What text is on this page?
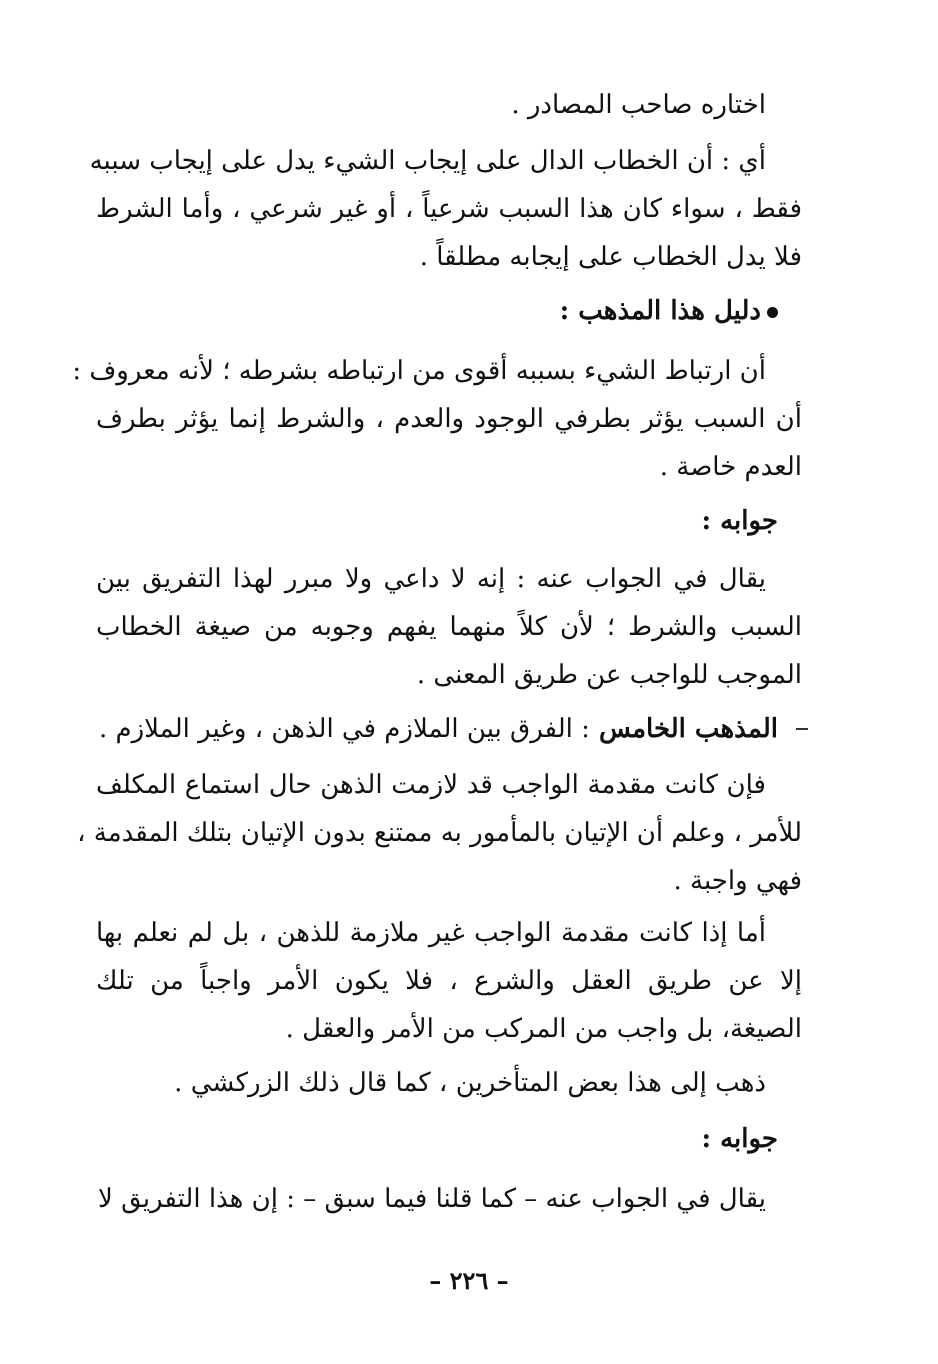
اختاره صاحب المصادر .
أي : أن الخطاب الدال على إيجاب الشيء يدل على إيجاب سببه
فقط ، سواء كان هذا السبب شرعياً ، أو غير شرعي ، وأما الشرط
فلا يدل الخطاب على إيجابه مطلقاً .
دليل هذا المذهب :
أن ارتباط الشيء بسببه أقوى من ارتباطه بشرطه ؛ لأنه معروف :
أن السبب يؤثر بطرفي الوجود والعدم ، والشرط إنما يؤثر بطرف
العدم خاصة .
جوابه :
يقال في الجواب عنه : إنه لا داعي ولا مبرر لهذا التفريق بين
السبب والشرط ؛ لأن كلاً منهما يفهم وجوبه من صيغة الخطاب
الموجب للواجب عن طريق المعنى .
المذهب الخامس : الفرق بين الملازم في الذهن ، وغير الملازم .
فإن كانت مقدمة الواجب قد لازمت الذهن حال استماع المكلف
للأمر ، وعلم أن الإتيان بالمأمور به ممتنع بدون الإتيان بتلك المقدمة ،
فهي واجبة .
أما إذا كانت مقدمة الواجب غير ملازمة للذهن ، بل لم نعلم بها
إلا عن طريق العقل والشرع ، فلا يكون الأمر واجباً من تلك
الصيغة، بل واجب من المركب من الأمر والعقل .
ذهب إلى هذا بعض المتأخرين ، كما قال ذلك الزركشي .
جوابه :
يقال في الجواب عنه – كما قلنا فيما سبق – : إن هذا التفريق لا
– ٢٢٦ –
